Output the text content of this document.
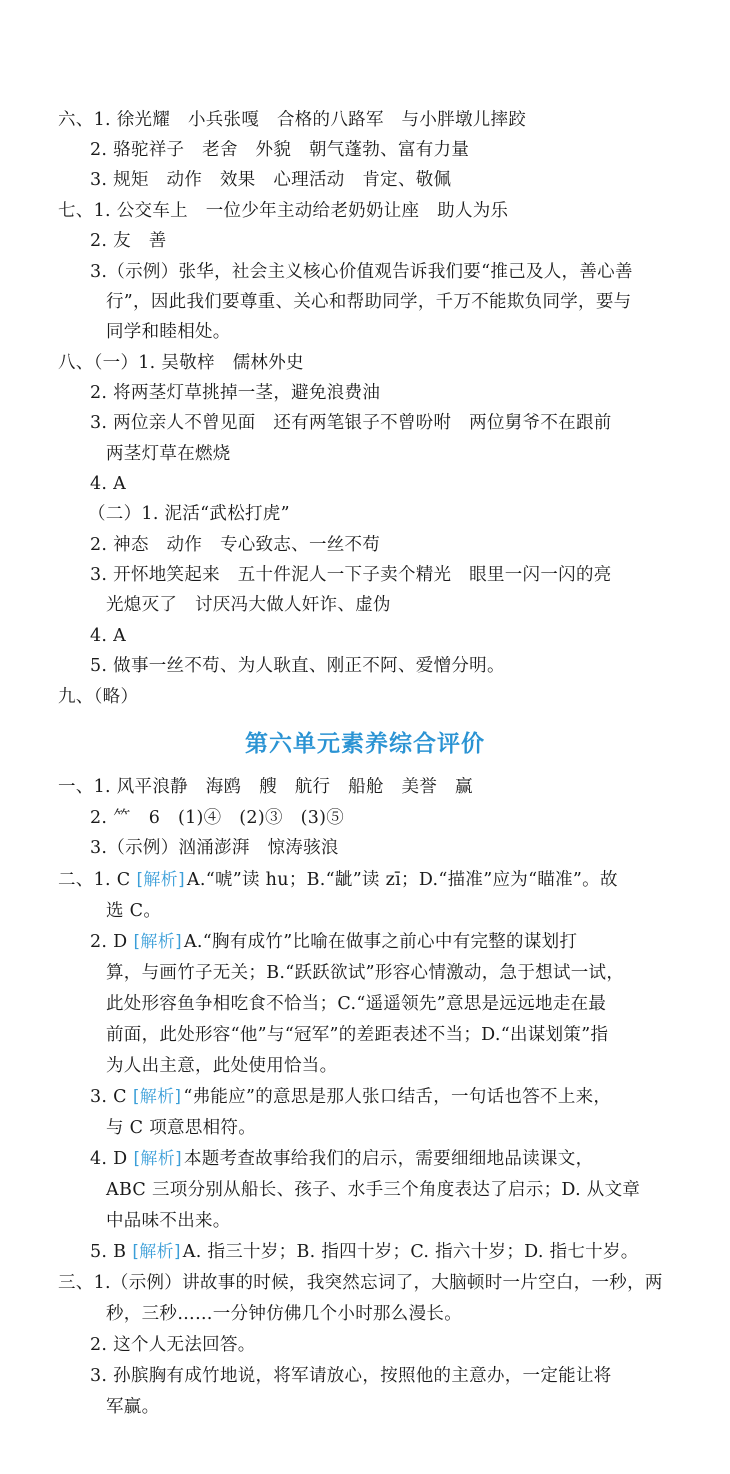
六、1. 徐光耀　小兵张嘎　合格的八路军　与小胖墩儿摔跤
2. 骆驼祥子　老舍　外貌　朝气蓬勃、富有力量
3. 规矩　动作　效果　心理活动　肯定、敬佩
七、1. 公交车上　一位少年主动给老奶奶让座　助人为乐
2. 友　善
3.（示例）张华，社会主义核心价值观告诉我们要“推己及人，善心善
行”，因此我们要尊重、关心和帮助同学，千万不能欺负同学，要与
同学和睦相处。
八、（一）1. 吴敬梓　儒林外史
2. 将两茎灯草挑掉一茎，避免浪费油
3. 两位亲人不曾见面　还有两笔银子不曾吩咐　两位舅爷不在跟前
两茎灯草在燃烧
4. A
（二）1. 泥活“武松打虎”
2. 神态　动作　专心致志、一丝不苟
3. 开怀地笑起来　五十件泥人一下子卖个精光　眼里一闪一闪的亮
光熄灭了　讨厌冯大做人奸诈、虚伪
4. A
5. 做事一丝不苟、为人耿直、刚正不阿、爱憎分明。
九、（略）
第六单元素养综合评价
一、1. 风平浪静　海鸥　艘　航行　船舱　美誉　赢
2. ⺮　6　(1)④　(2)③　(3)⑤
3.（示例）汹涌澎湃　惊涛骇浪
二、1. C [解析] A.“唬”读 hu；B.“龇”读 zī；D.“描准”应为“瞄准”。故
选 C。
2. D [解析] A.“胸有成竹”比喻在做事之前心中有完整的谋划打
算，与画竹子无关；B.“跃跃欲试”形容心情激动，急于想试一试，
此处形容鱼争相吃食不恰当；C.“遥遥领先”意思是远远地走在最
前面，此处形容“他”与“冠军”的差距表述不当；D.“出谋划策”指
为人出主意，此处使用恰当。
3. C [解析] “弗能应”的意思是那人张口结舌，一句话也答不上来，
与 C 项意思相符。
4. D [解析] 本题考查故事给我们的启示，需要细细地品读课文，
ABC 三项分别从船长、孩子、水手三个角度表达了启示；D. 从文章
中品味不出来。
5. B [解析] A. 指三十岁；B. 指四十岁；C. 指六十岁；D. 指七十岁。
三、1.（示例）讲故事的时候，我突然忘词了，大脑顿时一片空白，一秒，两
秒，三秒……一分钟仿佛几个小时那么漫长。
2. 这个人无法回答。
3. 孙膑胸有成竹地说，将军请放心，按照他的主意办，一定能让将
军赢。
